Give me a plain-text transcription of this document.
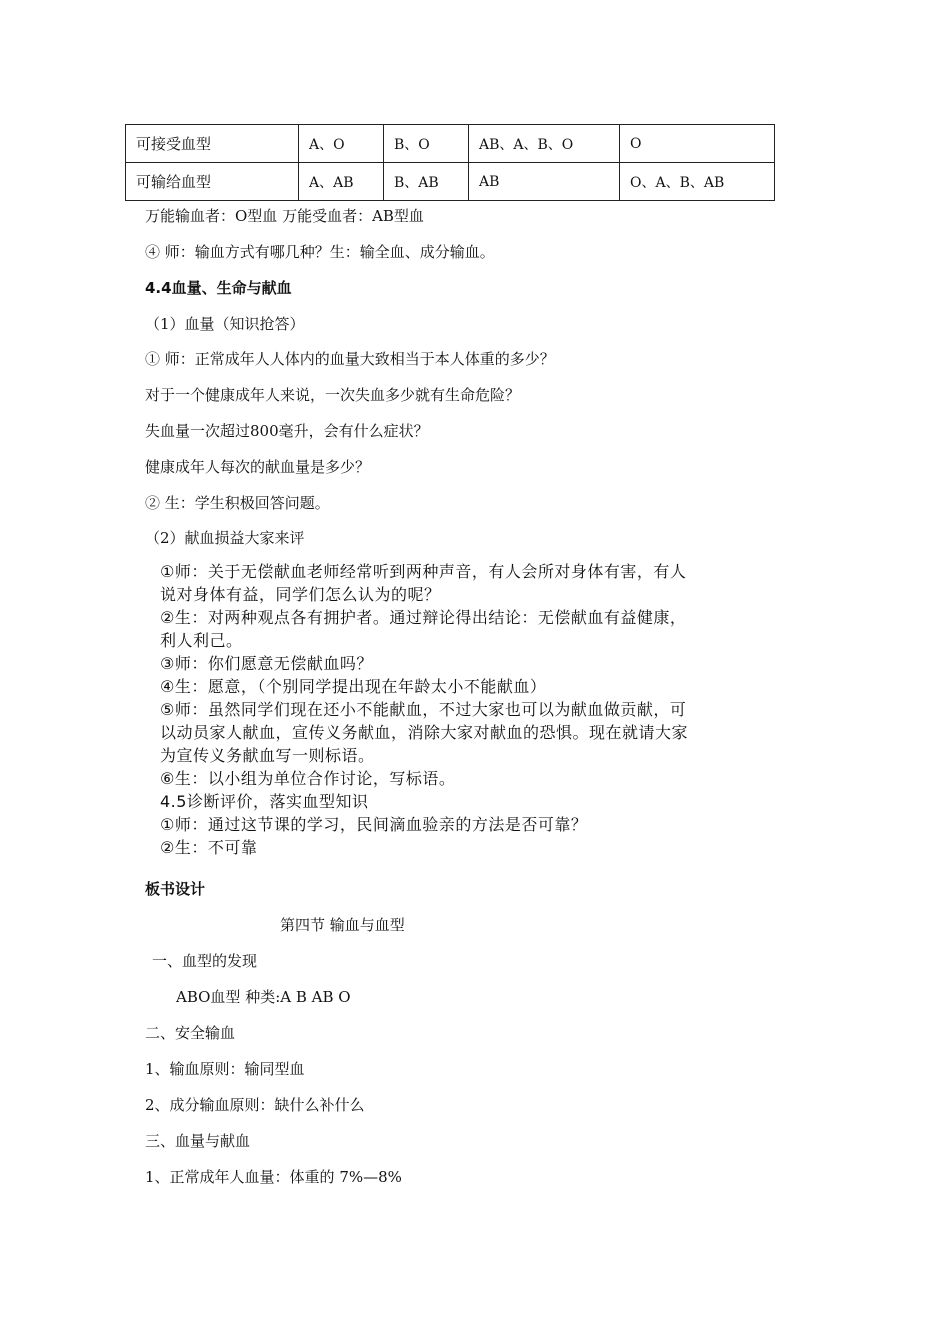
可接受血型	A、O	B、O	AB、A、B、O	O
可输给血型	A、AB	B、AB	AB	O、A、B、AB
万能输血者：O型血 万能受血者：AB型血
④ 师：输血方式有哪几种？生：输全血、成分输血。
4.4血量、生命与献血
（1）血量（知识抢答）
① 师：正常成年人人体内的血量大致相当于本人体重的多少？
对于一个健康成年人来说，一次失血多少就有生命危险？
失血量一次超过800毫升，会有什么症状？
健康成年人每次的献血量是多少？
② 生：学生积极回答问题。
（2）献血损益大家来评
①师：关于无偿献血老师经常听到两种声音，有人会所对身体有害，有人
说对身体有益，同学们怎么认为的呢？
②生：对两种观点各有拥护者。通过辩论得出结论：无偿献血有益健康，
利人利己。
③师：你们愿意无偿献血吗？
④生：愿意，（个别同学提出现在年龄太小不能献血）
⑤师：虽然同学们现在还小不能献血，不过大家也可以为献血做贡献，可
以动员家人献血，宣传义务献血，消除大家对献血的恐惧。现在就请大家
为宣传义务献血写一则标语。
⑥生：以小组为单位合作讨论，写标语。
4.5诊断评价，落实血型知识
①师：通过这节课的学习，民间滴血验亲的方法是否可靠？
②生：不可靠
板书设计
第四节 输血与血型
一、血型的发现
ABO血型 种类:A B AB O
二、安全输血
1、输血原则：输同型血
2、成分输血原则：缺什么补什么
三、血量与献血
1、正常成年人血量：体重的 7%—8%
